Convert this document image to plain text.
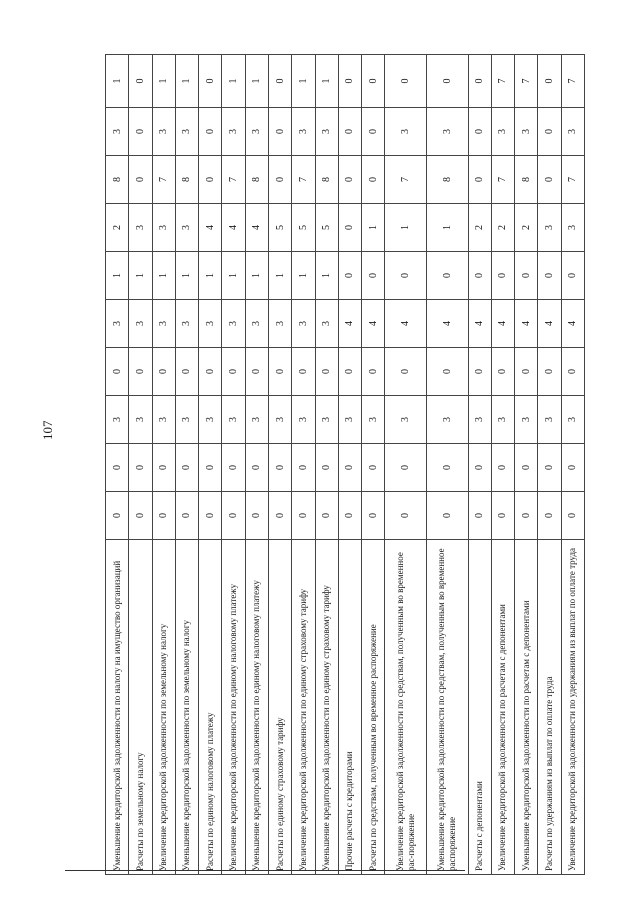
107
Уменьшение кредиторской задолженности по налогу на имущество организаций	0	0	3	0	3	1	2	8	3	1
Расчеты по земельному налогу	0	0	3	0	3	1	3	0	0	0
Увеличение кредиторской задолженности по земельному налогу	0	0	3	0	3	1	3	7	3	1
Уменьшение кредиторской задолженности по земельному налогу	0	0	3	0	3	1	3	8	3	1
Расчеты по единому налоговому платежу	0	0	3	0	3	1	4	0	0	0
Увеличение кредиторской задолженности по единому налоговому платежу	0	0	3	0	3	1	4	7	3	1
Уменьшение кредиторской задолженности по единому налоговому платежу	0	0	3	0	3	1	4	8	3	1
Расчеты по единому страховому тарифу	0	0	3	0	3	1	5	0	0	0
Увеличение кредиторской задолженности по единому страховому тарифу	0	0	3	0	3	1	5	7	3	1
Уменьшение кредиторской задолженности по единому страховому тарифу	0	0	3	0	3	1	5	8	3	1
Прочие расчеты с кредиторами	0	0	3	0	4	0	0	0	0	0
Расчеты по средствам, полученным во временное распоряжение	0	0	3	0	4	0	1	0	0	0
Увеличение кредиторской задолженности по средствам, полученным во временное рас-поряжение	0	0	3	0	4	0	1	7	3	0
Уменьшение кредиторской задолженности по средствам, полученным во временное распоряжение	0	0	3	0	4	0	1	8	3	0
Расчеты с депонентами	0	0	3	0	4	0	2	0	0	0
Увеличение кредиторской задолженности по расчетам с депонентами	0	0	3	0	4	0	2	7	3	7
Уменьшение кредиторской задолженности по расчетам с депонентами	0	0	3	0	4	0	2	8	3	7
Расчеты по удержаниям из выплат по оплате труда	0	0	3	0	4	0	3	0	0	0
Увеличение кредиторской задолженности по удержаниям из выплат по оплате труда	0	0	3	0	4	0	3	7	3	7
